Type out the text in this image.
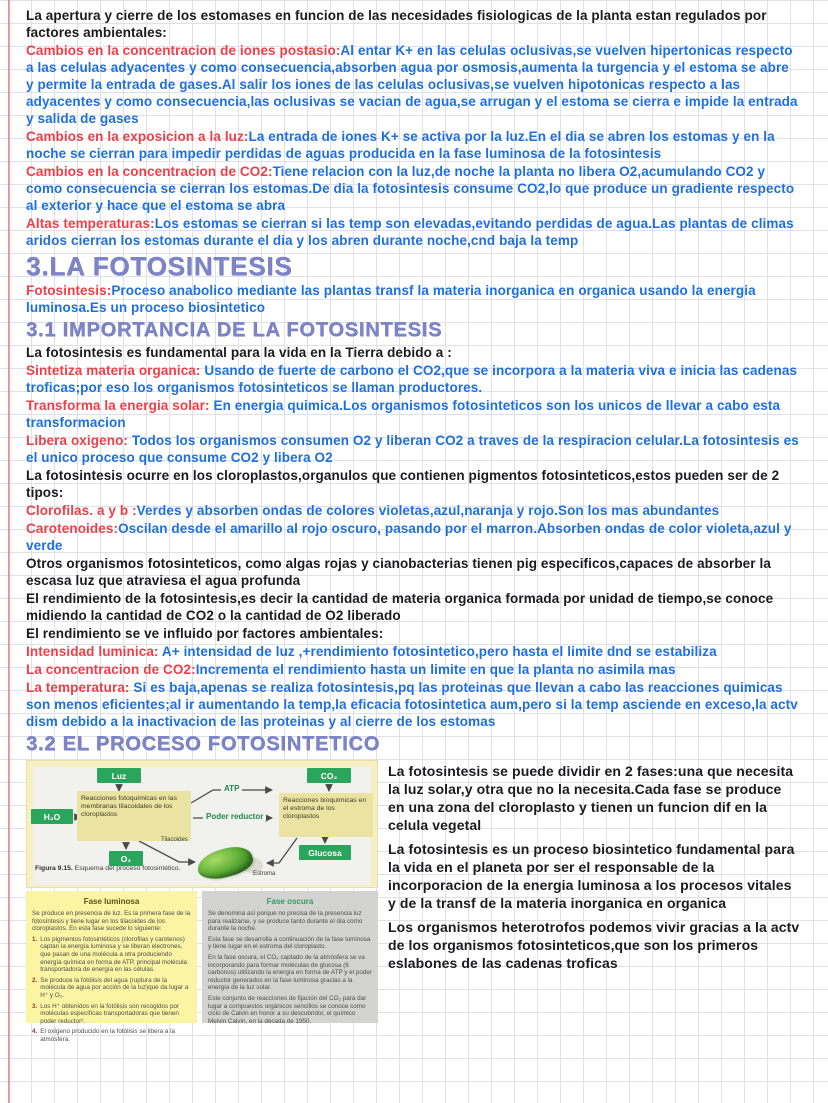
La apertura y cierre de los estomases en funcion de las necesidades fisiologicas de la planta estan regulados por factores ambientales:

Cambios en la concentracion de iones postasio:Al entar K+ en las celulas oclusivas,se vuelven hipertonicas respecto a las celulas adyacentes y como consecuencia,absorben agua por osmosis,aumenta la turgencia y el estoma se abre y permite la entrada de gases.Al salir los iones de las celulas oclusivas,se vuelven hipotonicas respecto a las adyacentes y como consecuencia,las oclusivas se vacian de agua,se arrugan y el estoma se cierra e impide la entrada y salida de gases

Cambios en la exposicion a la luz:La entrada de iones K+ se activa por la luz.En el dia se abren los estomas y en la noche se cierran para impedir perdidas de aguas producida en la fase luminosa de la fotosintesis

Cambios en la concentracion de CO2:Tiene relacion con la luz,de noche la planta no libera O2,acumulando CO2 y como consecuencia se cierran los estomas.De dia la fotosintesis consume CO2,lo que produce un gradiente respecto al exterior y hace que el estoma se abra

Altas temperaturas:Los estomas se cierran si las temp son elevadas,evitando perdidas de agua.Las plantas de climas aridos cierran los estomas durante el dia y los abren durante noche,cnd baja la temp

3.LA FOTOSINTESIS

Fotosintesis:Proceso anabolico mediante las plantas transf la materia inorganica en organica usando la energia luminosa.Es un proceso biosintetico

3.1 IMPORTANCIA DE LA FOTOSINTESIS

La fotosintesis es fundamental para la vida en la Tierra debido a :

Sintetiza materia organica: Usando de fuerte de carbono el CO2,que se incorpora a la materia viva e inicia las cadenas troficas;por eso los organismos fotosinteticos se llaman productores.

Transforma la energia solar: En energia quimica.Los organismos fotosinteticos son los unicos de llevar a cabo esta transformacion

Libera oxigeno: Todos los organismos consumen O2 y liberan CO2 a traves de la respiracion celular.La fotosintesis es el unico proceso que consume CO2 y libera O2

La fotosintesis ocurre en los cloroplastos,organulos que contienen pigmentos fotosinteticos,estos pueden ser de 2 tipos:

Clorofilas. a y b :Verdes y absorben ondas de colores violetas,azul,naranja y rojo.Son los mas abundantes

Carotenoides:Oscilan desde el amarillo al rojo oscuro, pasando por el marron.Absorben ondas de color violeta,azul y verde

Otros organismos fotosinteticos, como algas rojas y cianobacterias tienen pig especificos,capaces de absorber la escasa luz que atraviesa el agua profunda

El rendimiento de la fotosintesis,es decir la cantidad de materia organica formada por unidad de tiempo,se conoce midiendo la cantidad de CO2 o la cantidad de O2 liberado

El rendimiento se ve influido por factores ambientales:

Intensidad luminica: A+ intensidad de luz ,+rendimiento fotosintetico,pero hasta el limite dnd se estabiliza

La concentracion de CO2:Incrementa el rendimiento hasta un limite en que la planta no asimila mas

La temperatura: Si es baja,apenas se realiza fotosintesis,pq las proteinas que llevan a cabo las reacciones quimicas son menos eficientes;al ir aumentando la temp,la eficacia fotosintetica aum,pero si la temp asciende en exceso,la actv dism debido a la inactivacion de las proteinas y al cierre de los estomas

3.2 EL PROCESO FOTOSINTETICO
Luz
H₂O
O₂
CO₂
Glucosa
Reacciones fotoquímicas en las membranas tilacoidales de los cloroplastos
Reacciones bioquímicas en el estroma de los cloroplastos
ATP
Poder reductor
Tilacoides
Estroma
Figura 9.15. Esquema del proceso fotosintético.
Fase luminosa

Se produce en presencia de luz. Es la primera fase de la fotosíntesis y tiene lugar en los tilacoides de los cloroplastos. En esta fase sucede lo siguiente:

1. Los pigmentos fotosintéticos (clorofilas y carotenos) captan la energía luminosa y se liberan electrones, que pasan de una molécula a otra produciendo energía química en forma de ATP, principal molécula transportadora de energía en las células.
2. Se produce la fotólisis del agua (ruptura de la molécula de agua por acción de la luz)que da lugar a H⁺ y O₂.
3. Los H⁺ obtenidos en la fotólisis son recogidos por moléculas específicas transportadoras que tienen poder reductor².
4. El oxígeno producido en la fotólisis se libera a la atmósfera.
Fase oscura

Se denomina así porque no precisa de la presencia luz para realizarse, y se produce tanto durante el día como durante la noche.

Esta fase se desarrolla a continuación de la fase luminosa y tiene lugar en el estroma del cloroplasto.

En la fase oscura, el CO₂ captado de la atmósfera se va incorporando para formar moléculas de glucosa (6 carbonos) utilizando la energía en forma de ATP y el poder reductor generados en la fase luminosa gracias a la energía de la luz solar.

Este conjunto de reacciones de fijación del CO₂ para dar lugar a compuestos orgánicos sencillos se conoce como ciclo de Calvin en honor a su descubridor, el químico Melvin Calvin, en la década de 1950.

La fotosintesis se puede dividir en 2 fases:una que necesita la luz solar,y otra que no la necesita.Cada fase se produce en una zona del cloroplasto y tienen un funcion dif en la celula vegetal

La fotosintesis es un proceso biosintetico fundamental para la vida en el planeta por ser el responsable de la incorporacion de la energia luminosa a los procesos vitales y de la transf de la materia inorganica en organica

Los organismos heterotrofos podemos vivir gracias a la actv de los organismos fotosinteticos,que son los primeros eslabones de las cadenas troficas
